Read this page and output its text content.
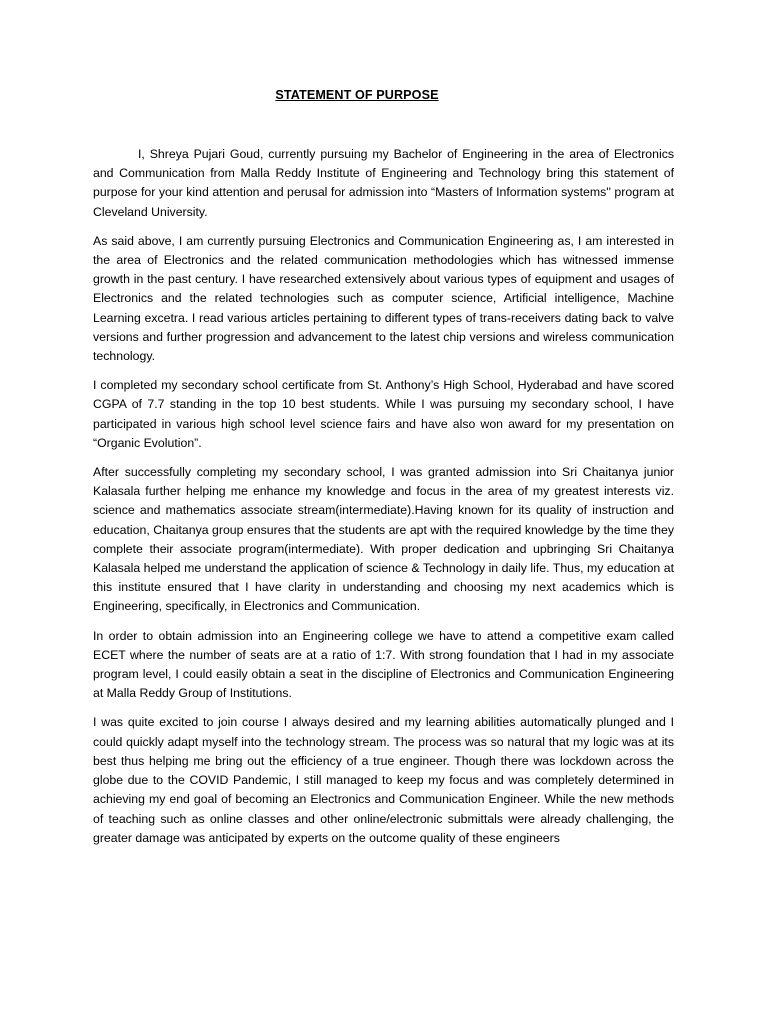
STATEMENT OF PURPOSE

I, Shreya Pujari Goud, currently pursuing my Bachelor of Engineering in the area of Electronics and Communication from Malla Reddy Institute of Engineering and Technology bring this statement of purpose for your kind attention and perusal for admission into “Masters of Information systems'' program at Cleveland University.

As said above, I am currently pursuing Electronics and Communication Engineering as, I am interested in the area of Electronics and the related communication methodologies which has witnessed immense growth in the past century. I have researched extensively about various types of equipment and usages of Electronics and the related technologies such as computer science, Artificial intelligence, Machine Learning excetra. I read various articles pertaining to different types of trans-receivers dating back to valve versions and further progression and advancement to the latest chip versions and wireless communication technology.

I completed my secondary school certificate from St. Anthony’s High School, Hyderabad and have scored CGPA of 7.7 standing in the top 10 best students. While I was pursuing my secondary school, I have participated in various high school level science fairs and have also won award for my presentation on “Organic Evolution”.

After successfully completing my secondary school, I was granted admission into Sri Chaitanya junior Kalasala further helping me enhance my knowledge and focus in the area of my greatest interests viz. science and mathematics associate stream(intermediate).Having known for its quality of instruction and education, Chaitanya group ensures that the students are apt with the required knowledge by the time they complete their associate program(intermediate). With proper dedication and upbringing Sri Chaitanya Kalasala helped me understand the application of science & Technology in daily life. Thus, my education at this institute ensured that I have clarity in understanding and choosing my next academics which is Engineering, specifically, in Electronics and Communication.

In order to obtain admission into an Engineering college we have to attend a competitive exam called ECET where the number of seats are at a ratio of 1:7. With strong foundation that I had in my associate program level, I could easily obtain a seat in the discipline of Electronics and Communication Engineering at Malla Reddy Group of Institutions.

I was quite excited to join course I always desired and my learning abilities automatically plunged and I could quickly adapt myself into the technology stream. The process was so natural that my logic was at its best thus helping me bring out the efficiency of a true engineer. Though there was lockdown across the globe due to the COVID Pandemic, I still managed to keep my focus and was completely determined in achieving my end goal of becoming an Electronics and Communication Engineer. While the new methods of teaching such as online classes and other online/electronic submittals were already challenging, the greater damage was anticipated by experts on the outcome quality of these engineers
